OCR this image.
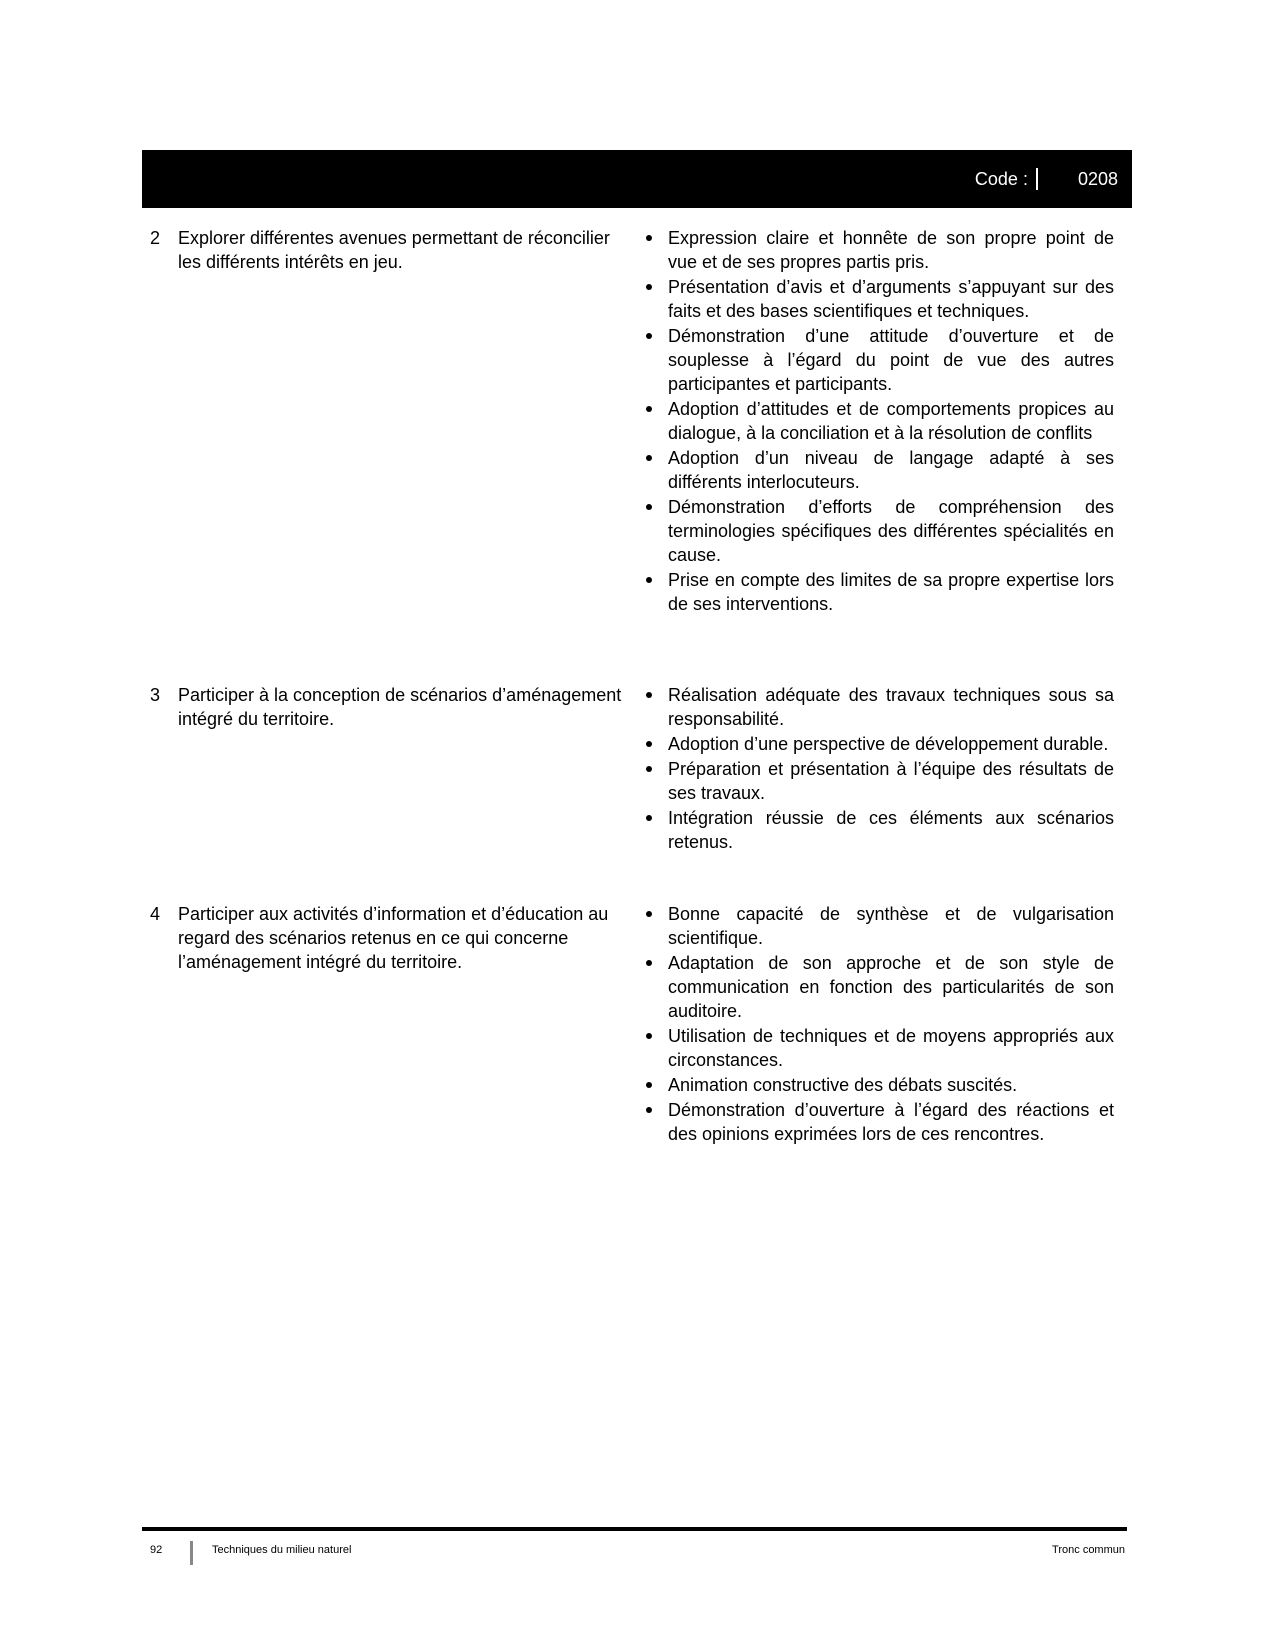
Code :	0208
2 Explorer différentes avenues permettant de réconcilier les différents intérêts en jeu.
Expression claire et honnête de son propre point de vue et de ses propres partis pris.
Présentation d’avis et d’arguments s’appuyant sur des faits et des bases scientifiques et techniques.
Démonstration d’une attitude d’ouverture et de souplesse à l’égard du point de vue des autres participantes et participants.
Adoption d’attitudes et de comportements propices au dialogue, à la conciliation et à la résolution de conflits
Adoption d’un niveau de langage adapté à ses différents interlocuteurs.
Démonstration d’efforts de compréhension des terminologies spécifiques des différentes spécialités en cause.
Prise en compte des limites de sa propre expertise lors de ses interventions.
3 Participer à la conception de scénarios d’aménagement intégré du territoire.
Réalisation adéquate des travaux techniques sous sa responsabilité.
Adoption d’une perspective de développement durable.
Préparation et présentation à l’équipe des résultats de ses travaux.
Intégration réussie de ces éléments aux scénarios retenus.
4 Participer aux activités d’information et d’éducation au regard des scénarios retenus en ce qui concerne l’aménagement intégré du territoire.
Bonne capacité de synthèse et de vulgarisation scientifique.
Adaptation de son approche et de son style de communication en fonction des particularités de son auditoire.
Utilisation de techniques et de moyens appropriés aux circonstances.
Animation constructive des débats suscités.
Démonstration d’ouverture à l’égard des réactions et des opinions exprimées lors de ces rencontres.
92	Techniques du milieu naturel	Tronc commun
